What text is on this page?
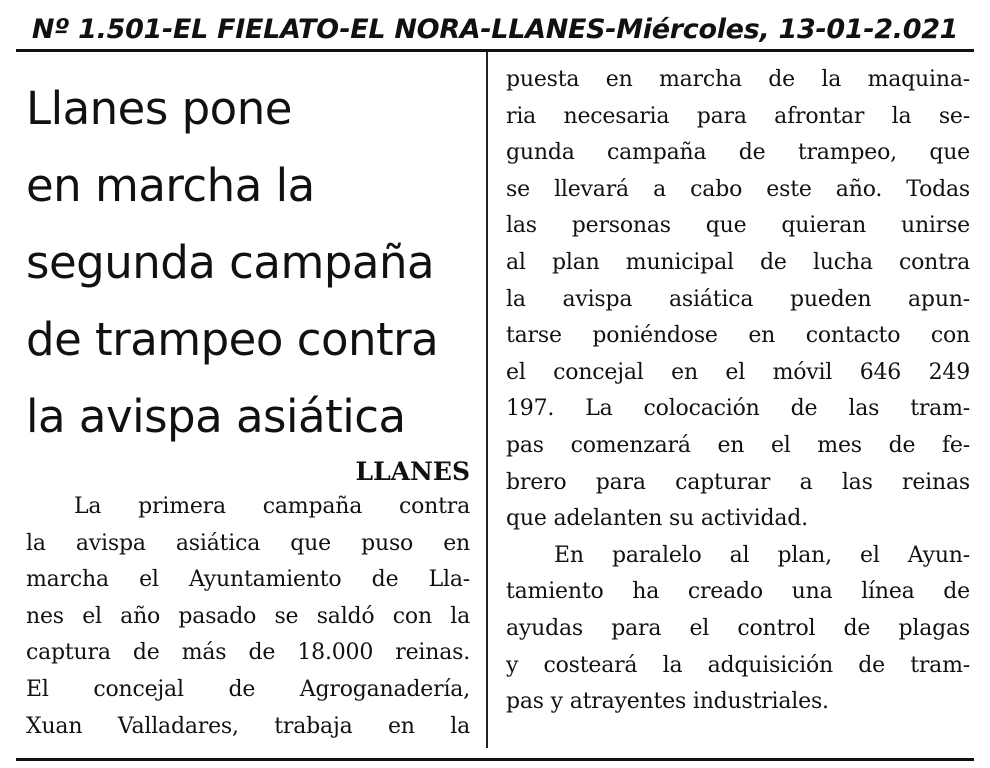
Nº 1.501-EL FIELATO-EL NORA-LLANES-Miércoles, 13-01-2.021
Llanes pone
en marcha la
segunda campaña
de trampeo contra
la avispa asiática
LLANES
La primera campaña contra
la avispa asiática que puso en
marcha el Ayuntamiento de Lla-
nes el año pasado se saldó con la
captura de más de 18.000 reinas.
El concejal de Agroganadería,
Xuan Valladares, trabaja en la
puesta en marcha de la maquina-
ria necesaria para afrontar la se-
gunda campaña de trampeo, que
se llevará a cabo este año. Todas
las personas que quieran unirse
al plan municipal de lucha contra
la avispa asiática pueden apun-
tarse poniéndose en contacto con
el concejal en el móvil 646 249
197. La colocación de las tram-
pas comenzará en el mes de fe-
brero para capturar a las reinas
que adelanten su actividad.
En paralelo al plan, el Ayun-
tamiento ha creado una línea de
ayudas para el control de plagas
y costeará la adquisición de tram-
pas y atrayentes industriales.
